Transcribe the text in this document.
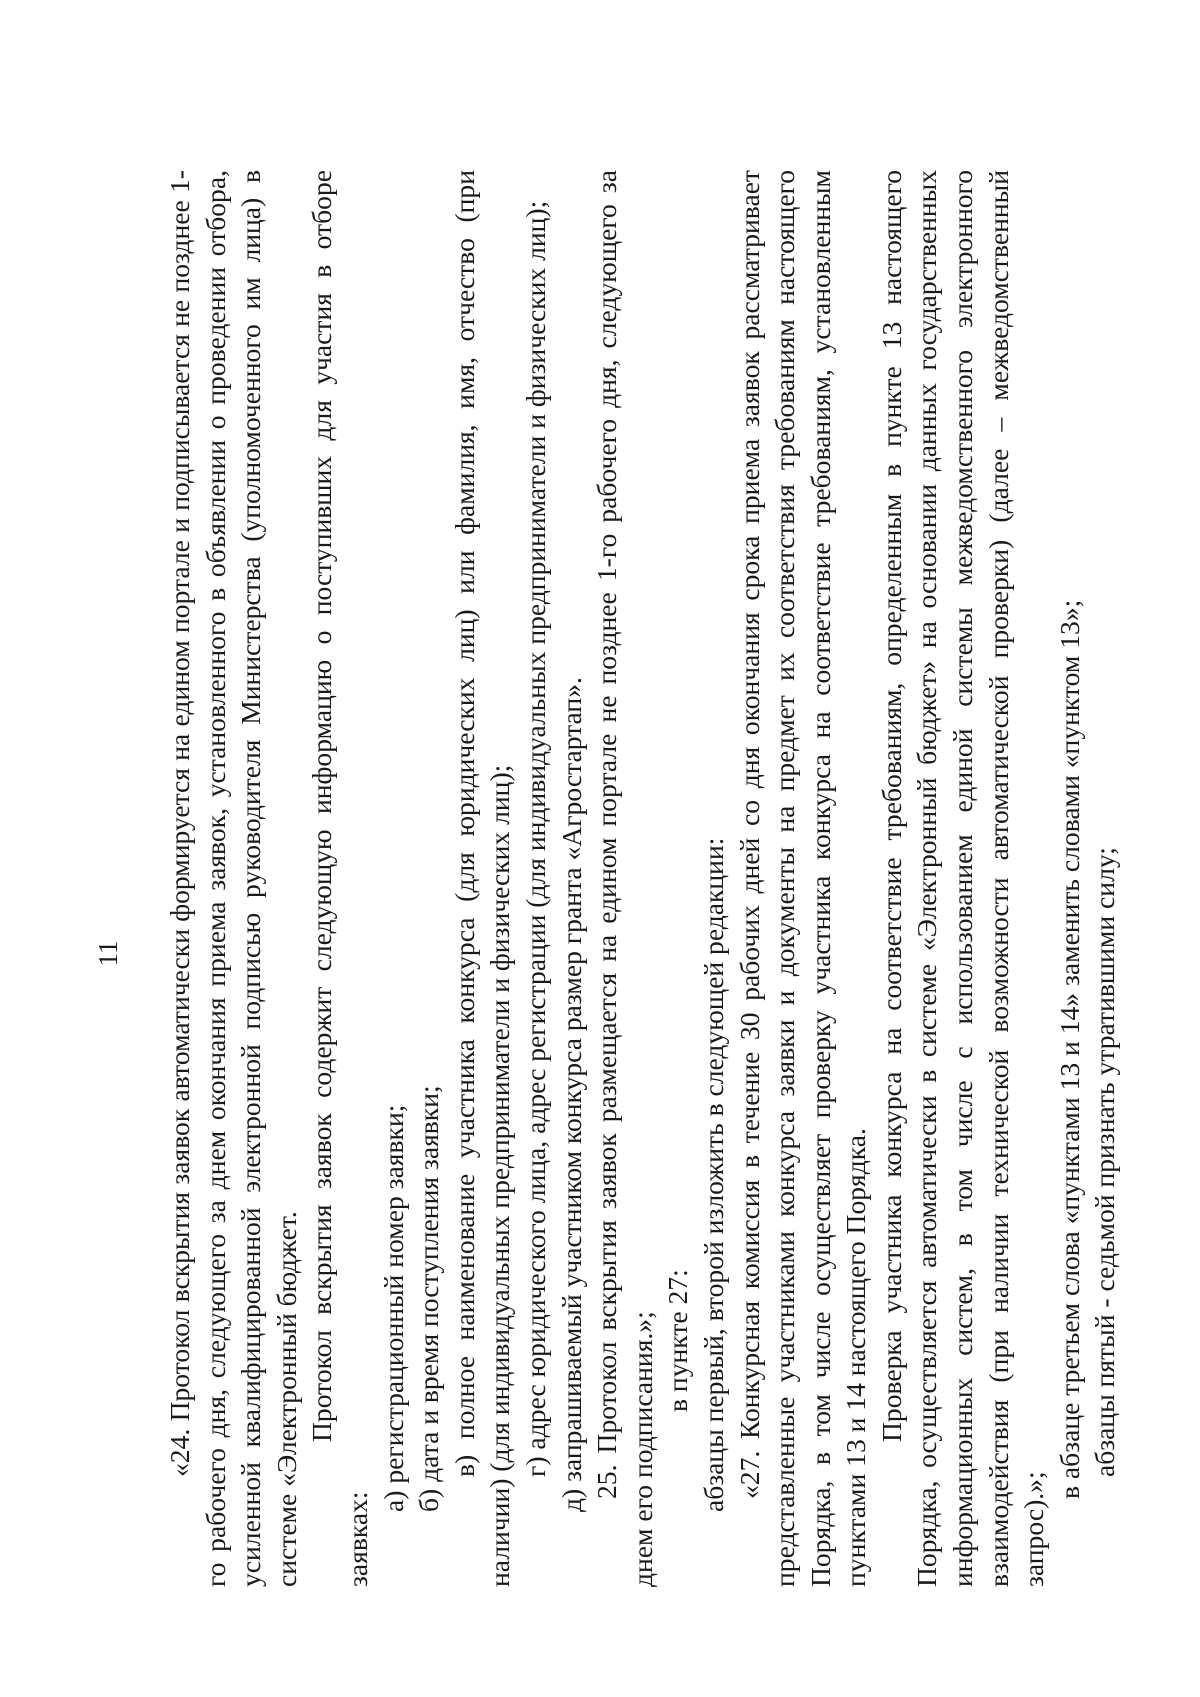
11 «24. Протокол вскрытия заявок автоматически формируется на едином портале и подписывается не позднее 1-го рабочего дня, следующего за днем окончания приема заявок, установленного в объявлении о проведении отбора, усиленной квалифицированной электронной подписью руководителя Министерства (уполномоченного им лица) в системе «Электронный бюджет. Протокол вскрытия заявок содержит следующую информацию о поступивших для участия в отборе заявках:

а) регистрационный номер заявки; б) дата и время поступления заявки; в) полное наименование участника конкурса (для юридических лиц) или фамилия, имя, отчество (при наличии) (для индивидуальных предприниматели и физических лиц); г) адрес юридического лица, адрес регистрации (для индивидуальных предприниматели и физических лиц); д) запрашиваемый участником конкурса размер гранта «Агростартап». 25. Протокол вскрытия заявок размещается на едином портале не позднее 1-го рабочего дня, следующего за днем его подписания.»; в пункте 27: абзацы первый, второй изложить в следующей редакции: «27. Конкурсная комиссия в течение 30 рабочих дней со дня окончания срока приема заявок рассматривает представленные участниками конкурса заявки и документы на предмет их соответствия требованиям настоящего Порядка, в том числе осуществляет проверку участника конкурса на соответствие требованиям, установленным пунктами 13 и 14 настоящего Порядка. Проверка участника конкурса на соответствие требованиям, определенным в пункте 13 настоящего Порядка, осуществляется автоматически в системе «Электронный бюджет» на основании данных государственных информационных систем, в том числе с использованием единой системы межведомственного электронного взаимодействия (при наличии технической возможности автоматической проверки) (далее – межведомственный запрос).»;

в абзаце третьем слова «пунктами 13 и 14» заменить словами «пунктом 13»; абзацы пятый - седьмой признать утратившими силу;
